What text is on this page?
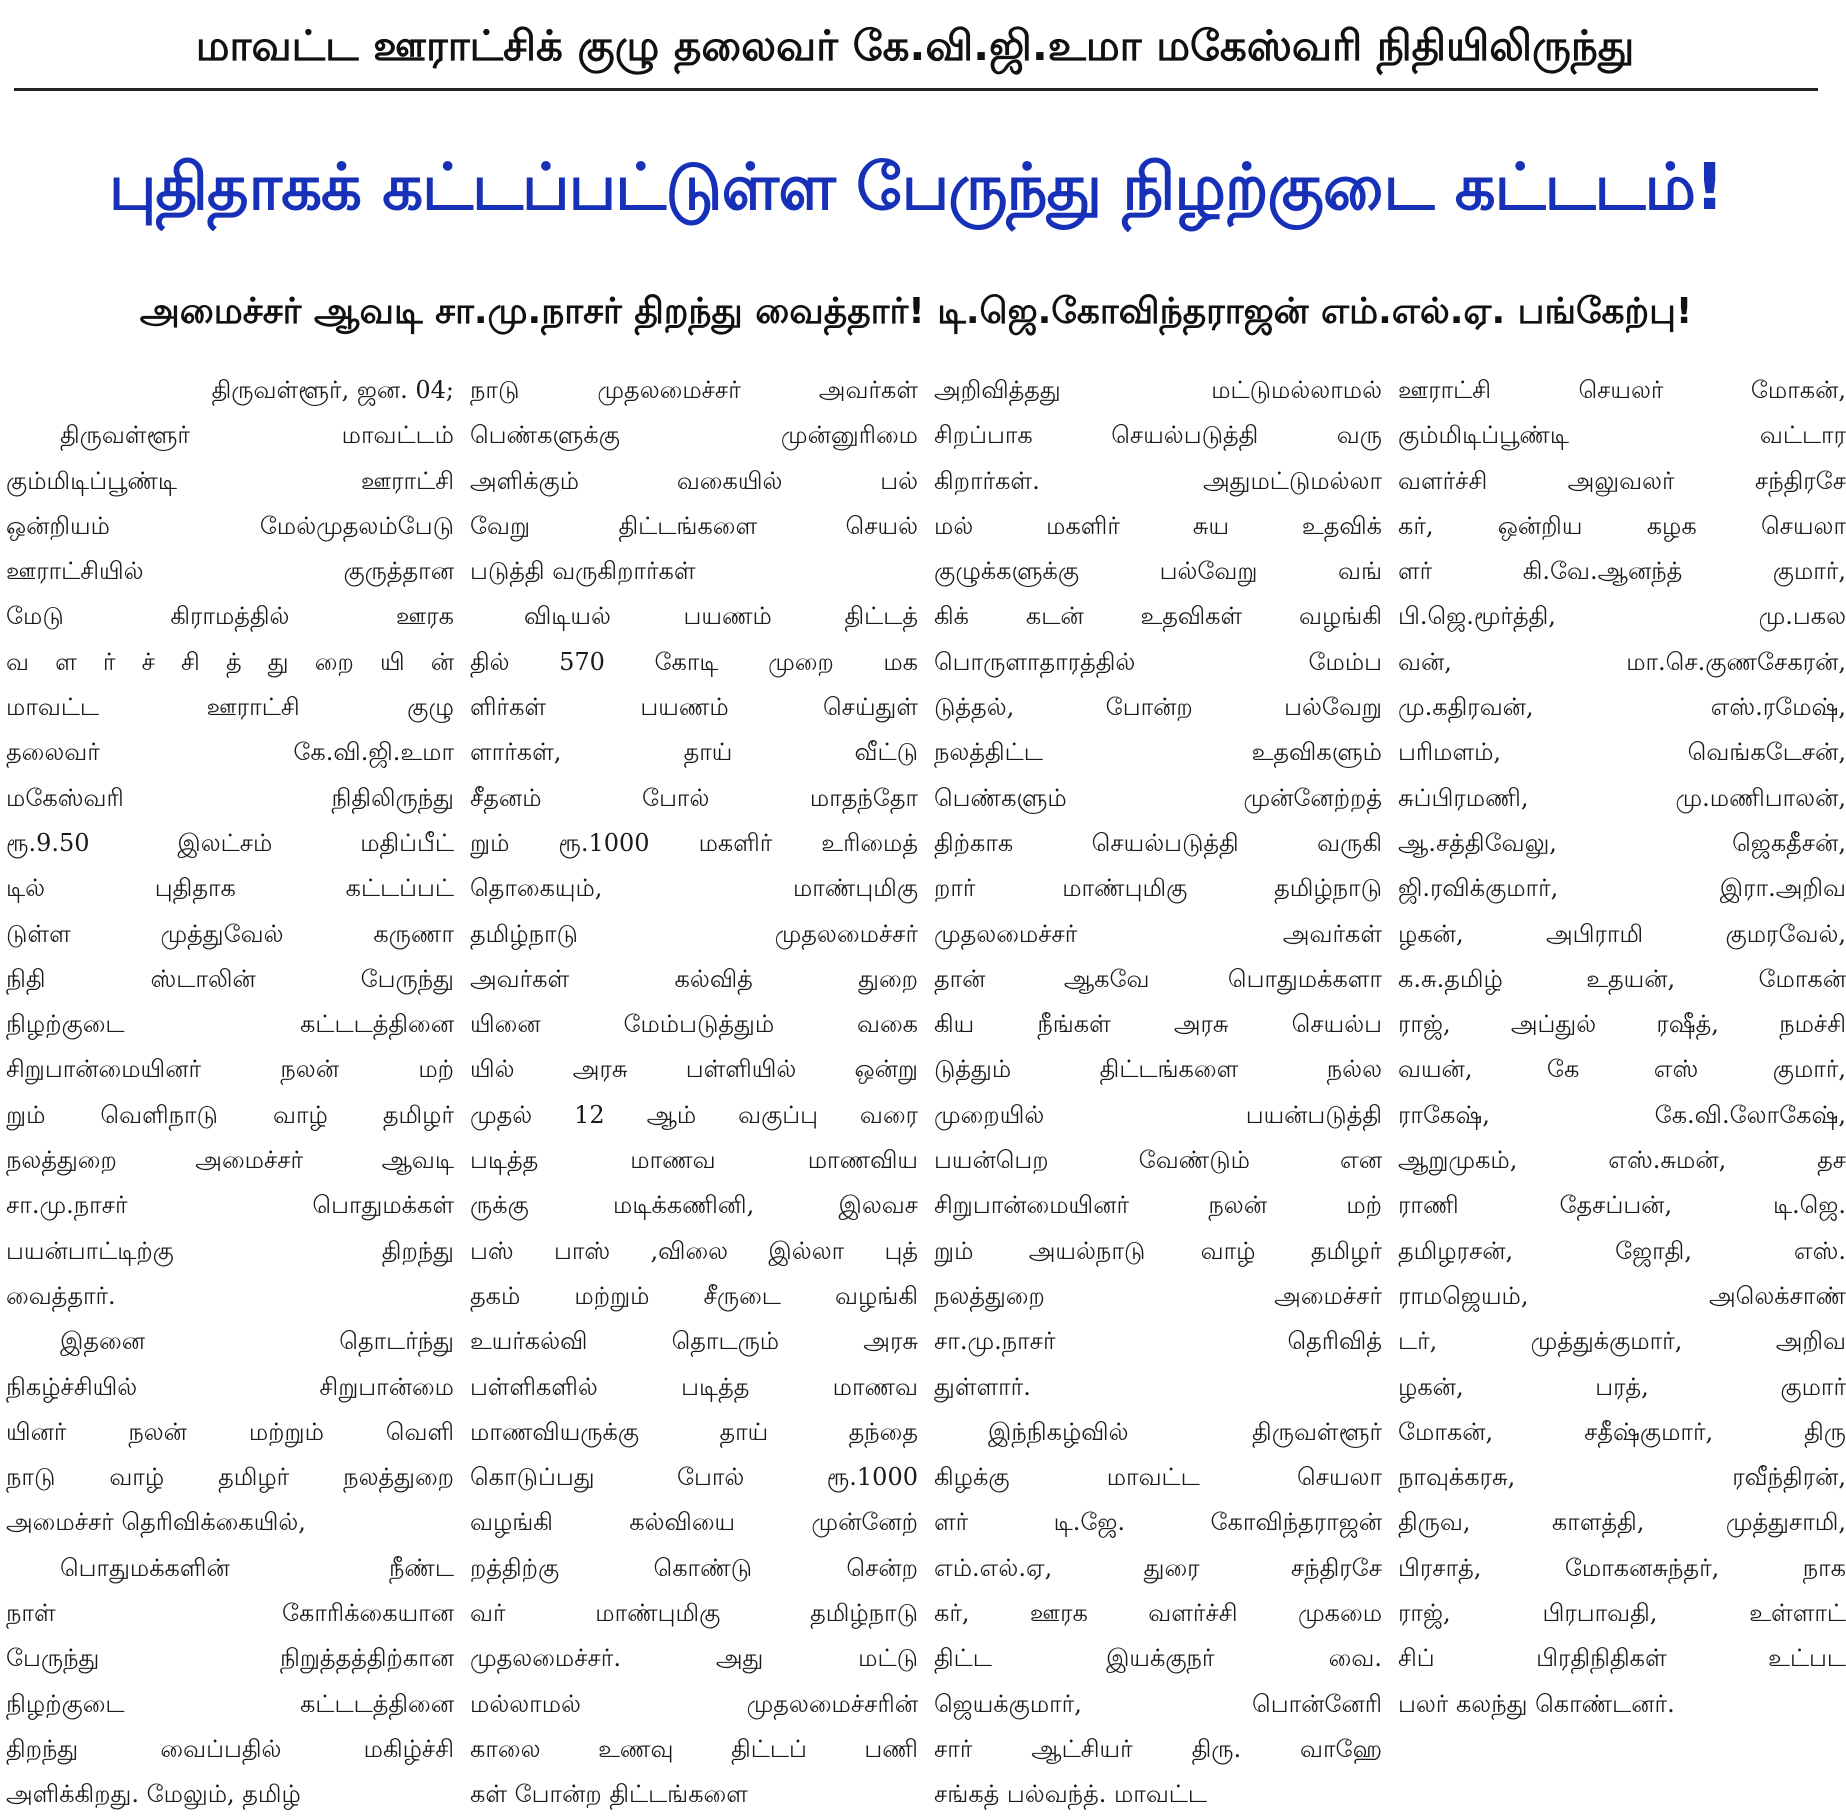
மாவட்ட ஊராட்சிக் குழு தலைவர் கே.வி.ஜி.உமா மகேஸ்வரி நிதியிலிருந்து
புதிதாகக் கட்டப்பட்டுள்ள பேருந்து நிழற்குடை கட்டடம்!
அமைச்சர் ஆவடி சா.மு.நாசர் திறந்து வைத்தார்! டி.ஜெ.கோவிந்தராஜன் எம்.எல்.ஏ. பங்கேற்பு!
திருவள்ளூர், ஜன. 04;
திருவள்ளூர் மாவட்டம்
கும்மிடிப்பூண்டி ஊராட்சி
ஒன்றியம் மேல்முதலம்பேடு
ஊராட்சியில் குருத்தான
மேடு கிராமத்தில் ஊரக
வ ள ர் ச் சி த் து றை யி ன்
மாவட்ட ஊராட்சி குழு
தலைவர் கே.வி.ஜி.உமா
மகேஸ்வரி நிதிலிருந்து
ரூ.9.50 இலட்சம் மதிப்பீட்
டில் புதிதாக கட்டப்பட்
டுள்ள முத்துவேல் கருணா
நிதி ஸ்டாலின் பேருந்து
நிழற்குடை கட்டடத்தினை
சிறுபான்மையினர் நலன் மற்
றும் வெளிநாடு வாழ் தமிழர்
நலத்துறை அமைச்சர் ஆவடி
சா.மு.நாசர் பொதுமக்கள்
பயன்பாட்டிற்கு திறந்து
வைத்தார்.
இதனை தொடர்ந்து
நிகழ்ச்சியில் சிறுபான்மை
யினர் நலன் மற்றும் வெளி
நாடு வாழ் தமிழர் நலத்துறை
அமைச்சர் தெரிவிக்கையில்,
பொதுமக்களின் நீண்ட
நாள் கோரிக்கையான
பேருந்து நிறுத்தத்திற்கான
நிழற்குடை கட்டடத்தினை
திறந்து வைப்பதில் மகிழ்ச்சி
அளிக்கிறது. மேலும், தமிழ்
நாடு முதலமைச்சர் அவர்கள்
பெண்களுக்கு முன்னுரிமை
அளிக்கும் வகையில் பல்
வேறு திட்டங்களை செயல்
படுத்தி வருகிறார்கள்
விடியல் பயணம் திட்டத்
தில் 570 கோடி முறை மக
ளிர்கள் பயணம் செய்துள்
ளார்கள், தாய் வீட்டு
சீதனம் போல் மாதந்தோ
றும் ரூ.1000 மகளிர் உரிமைத்
தொகையும், மாண்புமிகு
தமிழ்நாடு முதலமைச்சர்
அவர்கள் கல்வித் துறை
யினை மேம்படுத்தும் வகை
யில் அரசு பள்ளியில் ஒன்று
முதல் 12 ஆம் வகுப்பு வரை
படித்த மாணவ மாணவிய
ருக்கு மடிக்கணினி, இலவச
பஸ் பாஸ் ,விலை இல்லா புத்
தகம் மற்றும் சீருடை வழங்கி
உயர்கல்வி தொடரும் அரசு
பள்ளிகளில் படித்த மாணவ
மாணவியருக்கு தாய் தந்தை
கொடுப்பது போல் ரூ.1000
வழங்கி கல்வியை முன்னேற்
றத்திற்கு கொண்டு சென்ற
வர் மாண்புமிகு தமிழ்நாடு
முதலமைச்சர். அது மட்டு
மல்லாமல் முதலமைச்சரின்
காலை உணவு திட்டப் பணி
கள் போன்ற திட்டங்களை
அறிவித்தது மட்டுமல்லாமல்
சிறப்பாக செயல்படுத்தி வரு
கிறார்கள். அதுமட்டுமல்லா
மல் மகளிர் சுய உதவிக்
குழுக்களுக்கு பல்வேறு வங்
கிக் கடன் உதவிகள் வழங்கி
பொருளாதாரத்தில் மேம்ப
டுத்தல், போன்ற பல்வேறு
நலத்திட்ட உதவிகளும்
பெண்களும் முன்னேற்றத்
திற்காக செயல்படுத்தி வருகி
றார் மாண்புமிகு தமிழ்நாடு
முதலமைச்சர் அவர்கள்
தான் ஆகவே பொதுமக்களா
கிய நீங்கள் அரசு செயல்ப
டுத்தும் திட்டங்களை நல்ல
முறையில் பயன்படுத்தி
பயன்பெற வேண்டும் என
சிறுபான்மையினர் நலன் மற்
றும் அயல்நாடு வாழ் தமிழர்
நலத்துறை அமைச்சர்
சா.மு.நாசர் தெரிவித்
துள்ளார்.
இந்நிகழ்வில் திருவள்ளூர்
கிழக்கு மாவட்ட செயலா
ளர் டி.ஜே. கோவிந்தராஜன்
எம்.எல்.ஏ, துரை சந்திரசே
கர், ஊரக வளர்ச்சி முகமை
திட்ட இயக்குநர் வை.
ஜெயக்குமார், பொன்னேரி
சார் ஆட்சியர் திரு. வாஹே
சங்கத் பல்வந்த். மாவட்ட
ஊராட்சி செயலர் மோகன்,
கும்மிடிப்பூண்டி வட்டார
வளர்ச்சி அலுவலர் சந்திரசே
கர், ஒன்றிய கழக செயலா
ளர் கி.வே.ஆனந்த் குமார்,
பி.ஜெ.மூர்த்தி, மு.பகல
வன், மா.செ.குணசேகரன்,
மு.கதிரவன், எஸ்.ரமேஷ்,
பரிமளம், வெங்கடேசன்,
சுப்பிரமணி, மு.மணிபாலன்,
ஆ.சத்திவேலு, ஜெகதீசன்,
ஜி.ரவிக்குமார், இரா.அறிவ
ழகன், அபிராமி குமரவேல்,
க.சு.தமிழ் உதயன், மோகன்
ராஜ், அப்துல் ரஷீத், நமச்சி
வயன், கே எஸ் குமார்,
ராகேஷ், கே.வி.லோகேஷ்,
ஆறுமுகம், எஸ்.சுமன், தச
ராணி தேசப்பன், டி.ஜெ.
தமிழரசன், ஜோதி, எஸ்.
ராமஜெயம், அலெக்சாண்
டர், முத்துக்குமார், அறிவ
ழகன், பரத், குமார்
மோகன், சதீஷ்குமார், திரு
நாவுக்கரசு, ரவீந்திரன்,
திருவ, காளத்தி, முத்துசாமி,
பிரசாத், மோகனசுந்தர், நாக
ராஜ், பிரபாவதி, உள்ளாட்
சிப் பிரதிநிதிகள் உட்பட
பலர் கலந்து கொண்டனர்.
